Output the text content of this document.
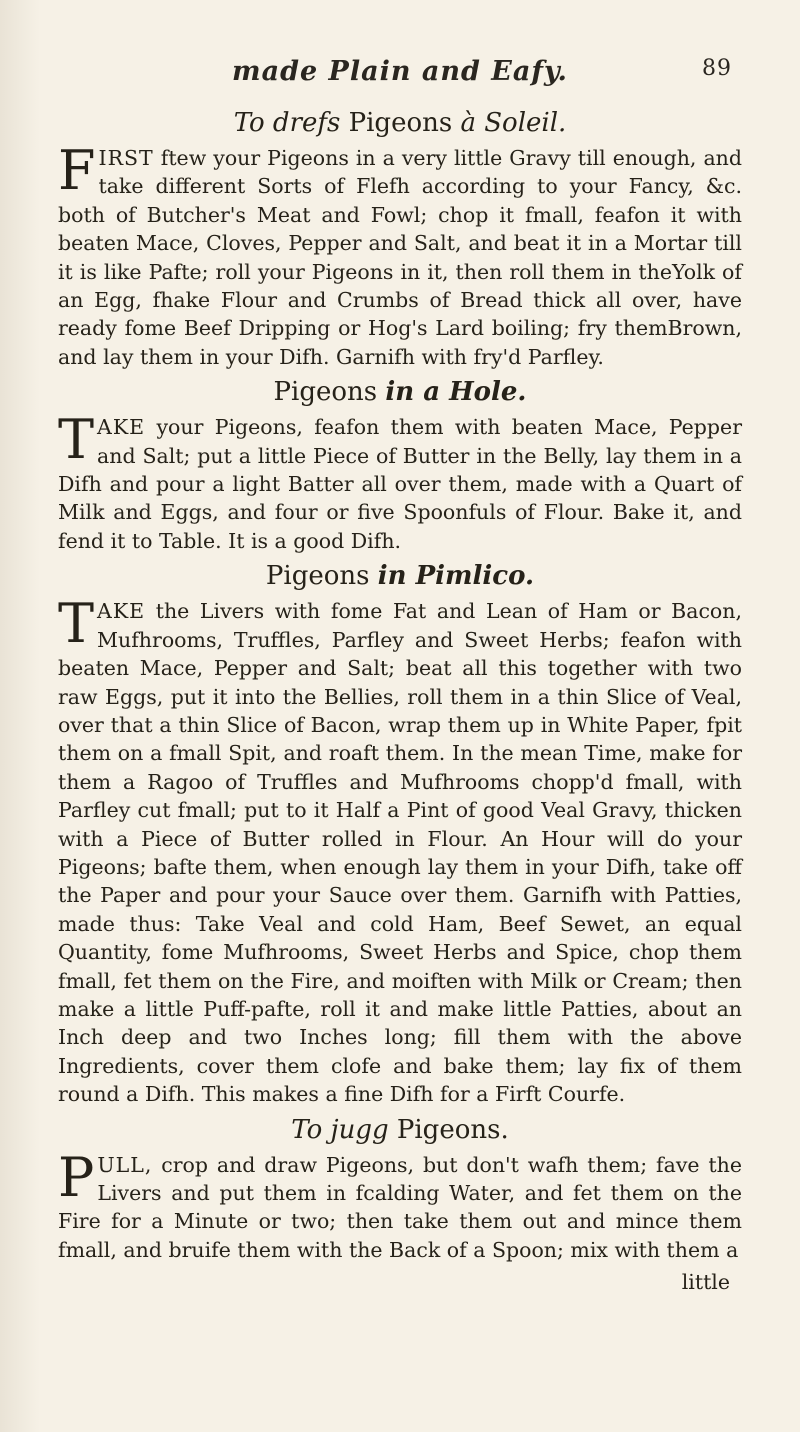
made Plain and Eafy.	89
To drefs Pigeons à Soleil.

FIRST ftew your Pigeons in a very little Gravy till enough, and take different Sorts of Flefh according to your Fancy, &c. both of Butcher's Meat and Fowl; chop it fmall, feafon it with beaten Mace, Cloves, Pepper and Salt, and beat it in a Mortar till it is like Pafte; roll your Pigeons in it, then roll them in theYolk of an Egg, fhake Flour and Crumbs of Bread thick all over, have ready fome Beef Dripping or Hog's Lard boiling; fry themBrown, and lay them in your Difh. Garnifh with fry'd Parfley.

Pigeons in a Hole.

TAKE your Pigeons, feafon them with beaten Mace, Pepper and Salt; put a little Piece of Butter in the Belly, lay them in a Difh and pour a light Batter all over them, made with a Quart of Milk and Eggs, and four or five Spoonfuls of Flour. Bake it, and fend it to Table. It is a good Difh.

Pigeons in Pimlico.

TAKE the Livers with fome Fat and Lean of Ham or Bacon, Mufhrooms, Truffles, Parfley and Sweet Herbs; feafon with beaten Mace, Pepper and Salt; beat all this together with two raw Eggs, put it into the Bellies, roll them in a thin Slice of Veal, over that a thin Slice of Bacon, wrap them up in White Paper, fpit them on a fmall Spit, and roaft them. In the mean Time, make for them a Ragoo of Truffles and Mufhrooms chopp'd fmall, with Parfley cut fmall; put to it Half a Pint of good Veal Gravy, thicken with a Piece of Butter rolled in Flour. An Hour will do your Pigeons; bafte them, when enough lay them in your Difh, take off the Paper and pour your Sauce over them. Garnifh with Patties, made thus: Take Veal and cold Ham, Beef Sewet, an equal Quantity, fome Mufhrooms, Sweet Herbs and Spice, chop them fmall, fet them on the Fire, and moiften with Milk or Cream; then make a little Puff-pafte, roll it and make little Patties, about an Inch deep and two Inches long; fill them with the above Ingredients, cover them clofe and bake them; lay fix of them round a Difh. This makes a fine Difh for a Firft Courfe.

To jugg Pigeons.

PULL, crop and draw Pigeons, but don't wafh them; fave the Livers and put them in fcalding Water, and fet them on the Fire for a Minute or two; then take them out and mince them fmall, and bruife them with the Back of a Spoon; mix with them a

little
